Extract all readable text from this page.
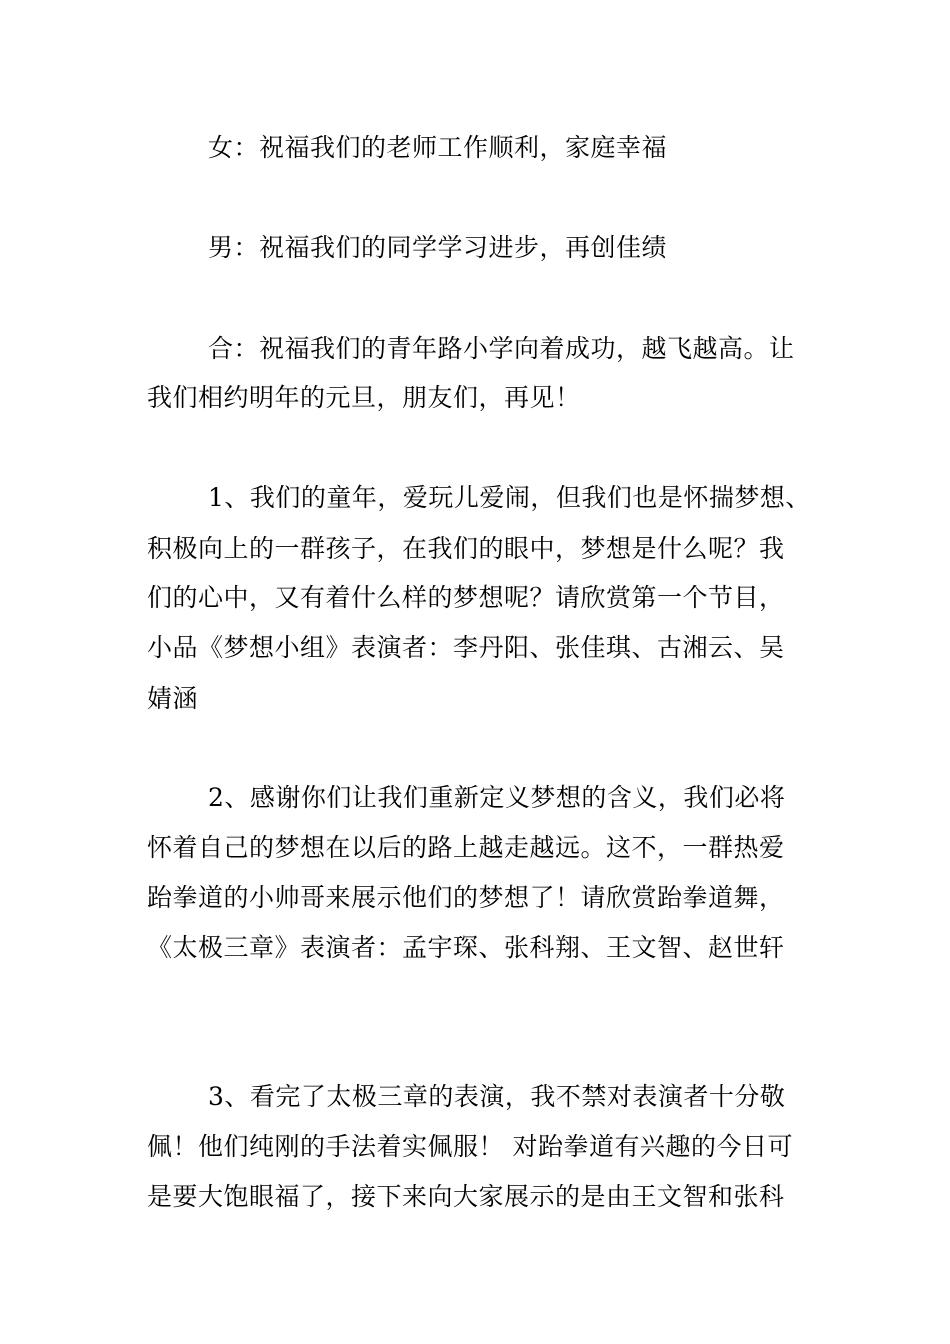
女：祝福我们的老师工作顺利，家庭幸福
男：祝福我们的同学学习进步，再创佳绩
合：祝福我们的青年路小学向着成功，越飞越高。让
我们相约明年的元旦，朋友们，再见！
1、我们的童年，爱玩儿爱闹，但我们也是怀揣梦想、
积极向上的一群孩子，在我们的眼中，梦想是什么呢？我
们的心中，又有着什么样的梦想呢？请欣赏第一个节目，
小品《梦想小组》表演者：李丹阳、张佳琪、古湘云、吴
婧涵
2、感谢你们让我们重新定义梦想的含义，我们必将
怀着自己的梦想在以后的路上越走越远。这不，一群热爱
跆拳道的小帅哥来展示他们的梦想了！请欣赏跆拳道舞，
《太极三章》表演者：孟宇琛、张科翔、王文智、赵世轩
3、看完了太极三章的表演，我不禁对表演者十分敬
佩！他们纯刚的手法着实佩服！ 对跆拳道有兴趣的今日可
是要大饱眼福了，接下来向大家展示的是由王文智和张科
